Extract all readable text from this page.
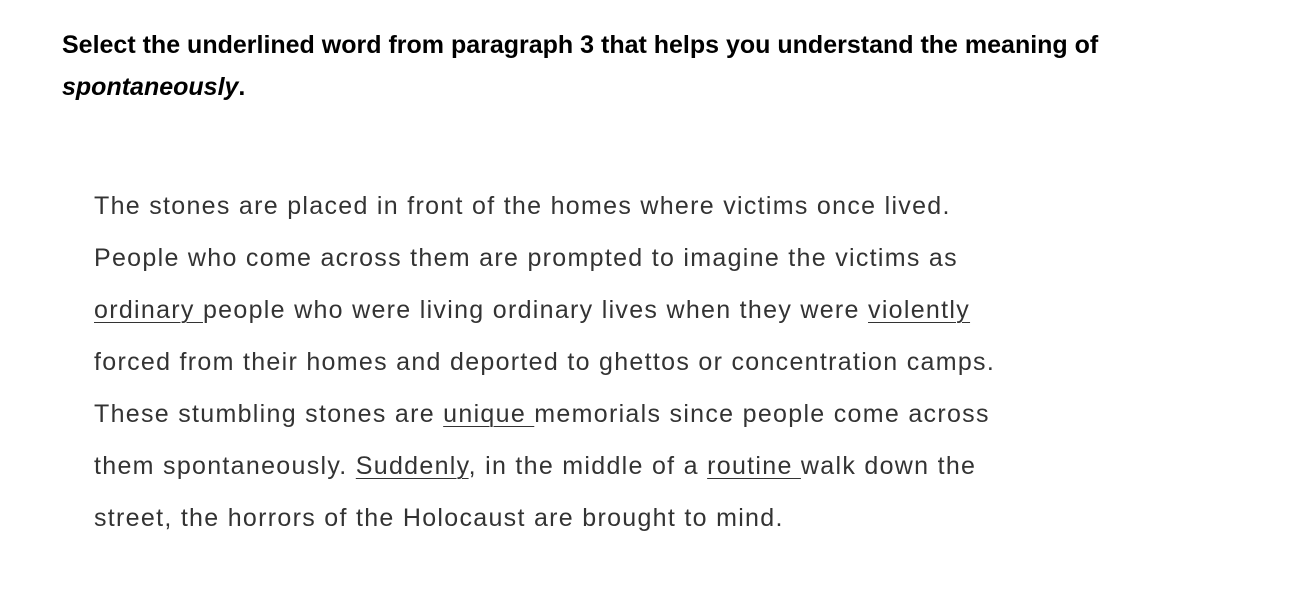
Select the underlined word from paragraph 3 that helps you understand the meaning of spontaneously.

The stones are placed in front of the homes where victims once lived.
People who come across them are prompted to imagine the victims as
ordinary people who were living ordinary lives when they were violently
forced from their homes and deported to ghettos or concentration camps.
These stumbling stones are unique memorials since people come across
them spontaneously. Suddenly, in the middle of a routine walk down the
street, the horrors of the Holocaust are brought to mind.
